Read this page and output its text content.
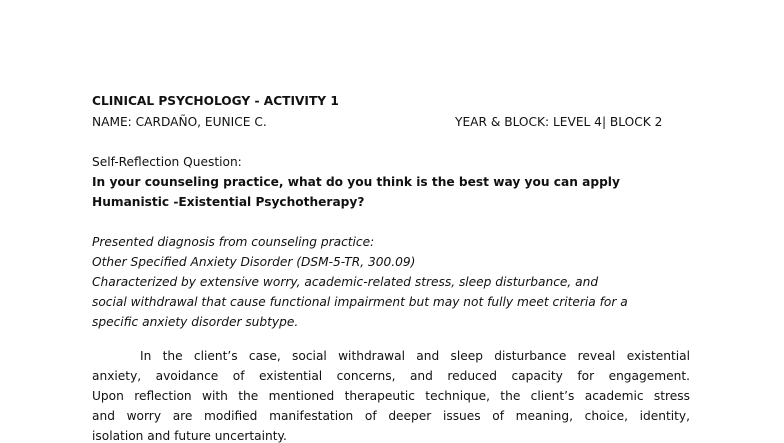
CLINICAL PSYCHOLOGY - ACTIVITY 1
NAME: CARDAÑO, EUNICE C.	YEAR & BLOCK: LEVEL 4| BLOCK 2
Self-Reflection Question:
In your counseling practice, what do you think is the best way you can apply
Humanistic -Existential Psychotherapy?
Presented diagnosis from counseling practice:
Other Specified Anxiety Disorder (DSM-5-TR, 300.09)
Characterized by extensive worry, academic-related stress, sleep disturbance, and
social withdrawal that cause functional impairment but may not fully meet criteria for a
specific anxiety disorder subtype.
In the client’s case, social withdrawal and sleep disturbance reveal existential
anxiety, avoidance of existential concerns, and reduced capacity for engagement.
Upon reflection with the mentioned therapeutic technique, the client’s academic stress
and worry are modified manifestation of deeper issues of meaning, choice, identity,
isolation and future uncertainty.
